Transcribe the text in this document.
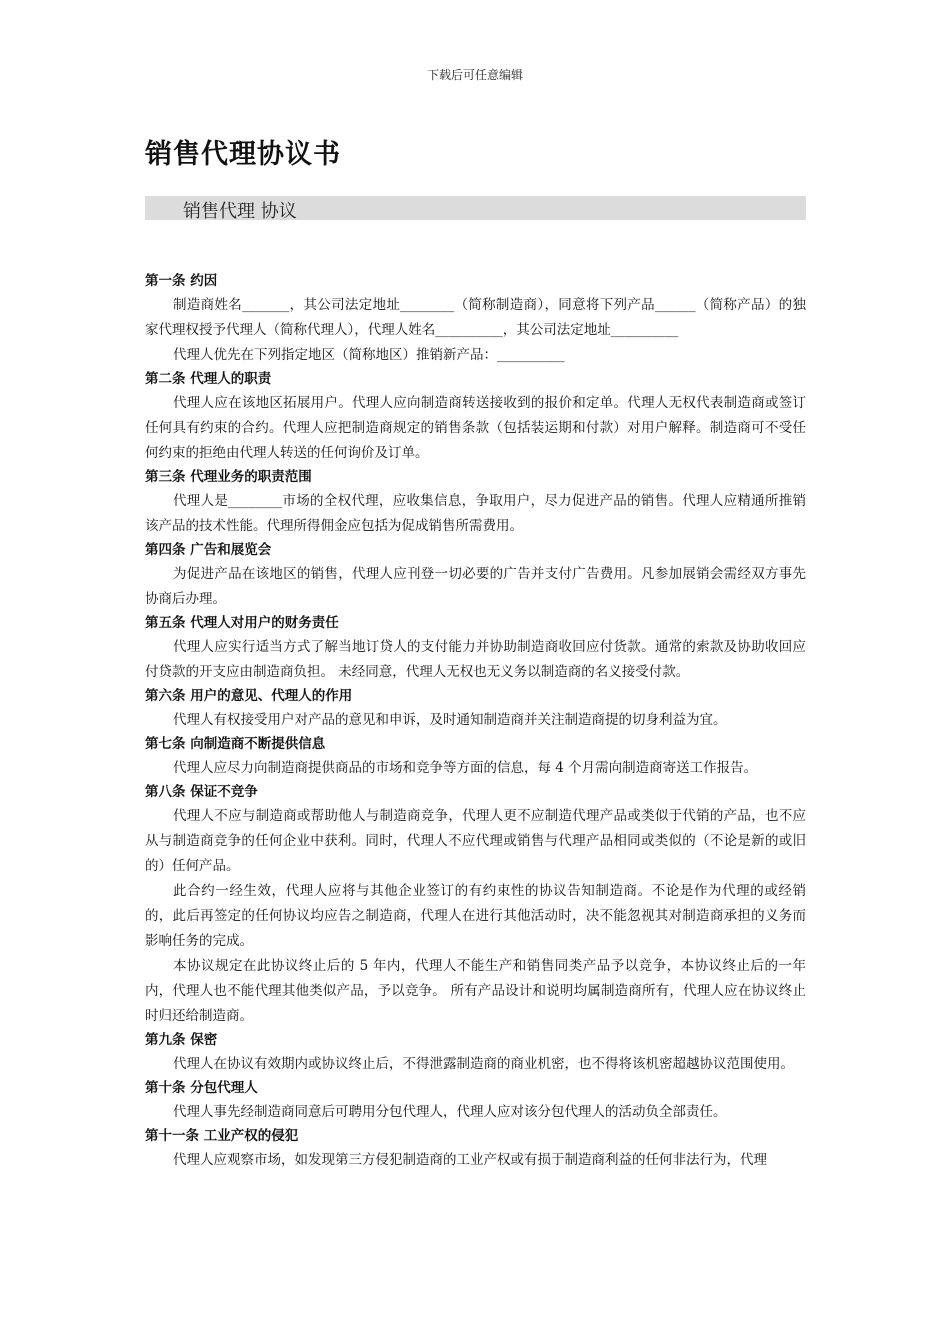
下载后可任意编辑
销售代理协议书
销售代理 协议
第一条 约因

制造商姓名_______，其公司法定地址________（简称制造商），同意将下列产品______（简称产品）的独家代理权授予代理人（简称代理人），代理人姓名__________，其公司法定地址__________

代理人优先在下列指定地区（简称地区）推销新产品：__________

第二条 代理人的职责

代理人应在该地区拓展用户。代理人应向制造商转送接收到的报价和定单。代理人无权代表制造商或签订任何具有约束的合约。代理人应把制造商规定的销售条款（包括装运期和付款）对用户解释。制造商可不受任何约束的拒绝由代理人转送的任何询价及订单。

第三条 代理业务的职责范围

代理人是________市场的全权代理，应收集信息，争取用户，尽力促进产品的销售。代理人应精通所推销该产品的技术性能。代理所得佣金应包括为促成销售所需费用。

第四条 广告和展览会

为促进产品在该地区的销售，代理人应刊登一切必要的广告并支付广告费用。凡参加展销会需经双方事先协商后办理。

第五条 代理人对用户的财务责任

代理人应实行适当方式了解当地订贷人的支付能力并协助制造商收回应付货款。通常的索款及协助收回应付贷款的开支应由制造商负担。 未经同意，代理人无权也无义务以制造商的名义接受付款。

第六条 用户的意见、代理人的作用

代理人有权接受用户对产品的意见和申诉，及时通知制造商并关注制造商提的切身利益为宜。

第七条 向制造商不断提供信息

代理人应尽力向制造商提供商品的市场和竞争等方面的信息，每 4 个月需向制造商寄送工作报告。

第八条 保证不竞争

代理人不应与制造商或帮助他人与制造商竞争，代理人更不应制造代理产品或类似于代销的产品，也不应从与制造商竞争的任何企业中获利。同时，代理人不应代理或销售与代理产品相同或类似的（不论是新的或旧的）任何产品。

此合约一经生效，代理人应将与其他企业签订的有约束性的协议告知制造商。不论是作为代理的或经销的，此后再签定的任何协议均应告之制造商，代理人在进行其他活动时，决不能忽视其对制造商承担的义务而影响任务的完成。

本协议规定在此协议终止后的 5 年内，代理人不能生产和销售同类产品予以竞争，本协议终止后的一年内，代理人也不能代理其他类似产品，予以竞争。 所有产品设计和说明均属制造商所有，代理人应在协议终止时归还给制造商。

第九条 保密

代理人在协议有效期内或协议终止后，不得泄露制造商的商业机密，也不得将该机密超越协议范围使用。

第十条 分包代理人

代理人事先经制造商同意后可聘用分包代理人，代理人应对该分包代理人的活动负全部责任。

第十一条 工业产权的侵犯

代理人应观察市场，如发现第三方侵犯制造商的工业产权或有损于制造商利益的任何非法行为，代理
